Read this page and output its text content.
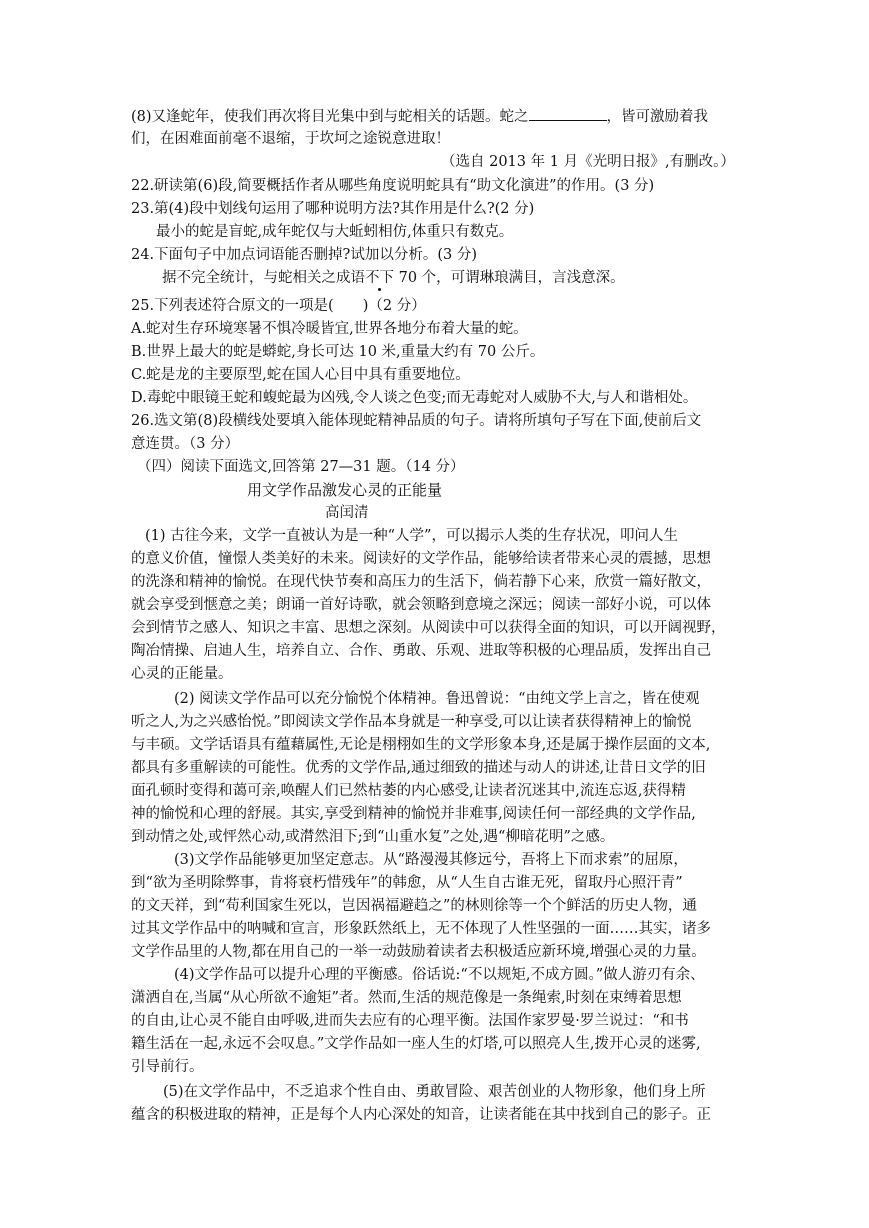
(8)又逢蛇年，使我们再次将目光集中到与蛇相关的话题。蛇之	，皆可激励着我
们，在困难面前毫不退缩，于坎坷之途锐意进取！
（选自 2013 年 1 月《光明日报》,有删改。）
22.研读第(6)段,简要概括作者从哪些角度说明蛇具有“助文化演进”的作用。(3 分)
23.第(4)段中划线句运用了哪种说明方法?其作用是什么?(2 分)
最小的蛇是盲蛇,成年蛇仅与大蚯蚓相仿,体重只有数克。
24.下面句子中加点词语能否删掉?试加以分析。(3 分)
据不完全统计，与蛇相关之成语不下 70 个，可谓琳琅满目，言浅意深。
25.下列表述符合原文的一项是(　　)（2 分）
A.蛇对生存环境寒暑不惧冷暖皆宜,世界各地分布着大量的蛇。
B.世界上最大的蛇是蟒蛇,身长可达 10 米,重量大约有 70 公斤。
C.蛇是龙的主要原型,蛇在国人心目中具有重要地位。
D.毒蛇中眼镜王蛇和蝮蛇最为凶残,令人谈之色变;而无毒蛇对人威胁不大,与人和谐相处。
26.选文第(8)段横线处要填入能体现蛇精神品质的句子。请将所填句子写在下面,使前后文
意连贯。（3 分）
（四）阅读下面选文,回答第 27—31 题。（14 分）
用文学作品激发心灵的正能量
高闰清
(1) 古往今来，文学一直被认为是一种“人学”，可以揭示人类的生存状况，叩问人生
的意义价值，憧憬人类美好的未来。阅读好的文学作品，能够给读者带来心灵的震撼，思想
的洗涤和精神的愉悦。在现代快节奏和高压力的生活下，倘若静下心来，欣赏一篇好散文，
就会享受到惬意之美；朗诵一首好诗歌，就会领略到意境之深远；阅读一部好小说，可以体
会到情节之感人、知识之丰富、思想之深刻。从阅读中可以获得全面的知识，可以开阔视野，
陶冶情操、启迪人生，培养自立、合作、勇敢、乐观、进取等积极的心理品质，发挥出自己
心灵的正能量。
(2) 阅读文学作品可以充分愉悦个体精神。鲁迅曾说：“由纯文学上言之，皆在使观
听之人,为之兴感怡悦。”即阅读文学作品本身就是一种享受,可以让读者获得精神上的愉悦
与丰硕。文学话语具有蕴藉属性,无论是栩栩如生的文学形象本身,还是属于操作层面的文本,
都具有多重解读的可能性。优秀的文学作品,通过细致的描述与动人的讲述,让昔日文学的旧
面孔顿时变得和蔼可亲,唤醒人们已然枯萎的内心感受,让读者沉迷其中,流连忘返,获得精
神的愉悦和心理的舒展。其实,享受到精神的愉悦并非难事,阅读任何一部经典的文学作品,
到动情之处,或怦然心动,或潸然泪下;到“山重水复”之处,遇“柳暗花明”之感。
(3)文学作品能够更加坚定意志。从“路漫漫其修远兮，吾将上下而求索”的屈原，
到“欲为圣明除弊事，肯将衰朽惜残年”的韩愈，从“人生自古谁无死，留取丹心照汗青”
的文天祥，到“苟利国家生死以，岂因祸福避趋之”的林则徐等一个个鲜活的历史人物，通
过其文学作品中的呐喊和宣言，形象跃然纸上，无不体现了人性坚强的一面……其实，诸多
文学作品里的人物,都在用自己的一举一动鼓励着读者去积极适应新环境,增强心灵的力量。
(4)文学作品可以提升心理的平衡感。俗话说:“不以规矩,不成方圆。”做人游刃有余、
潇洒自在,当属“从心所欲不逾矩”者。然而,生活的规范像是一条绳索,时刻在束缚着思想
的自由,让心灵不能自由呼吸,进而失去应有的心理平衡。法国作家罗曼·罗兰说过：“和书
籍生活在一起,永远不会叹息。”文学作品如一座人生的灯塔,可以照亮人生,拨开心灵的迷雾,
引导前行。
(5)在文学作品中，不乏追求个性自由、勇敢冒险、艰苦创业的人物形象，他们身上所
蕴含的积极进取的精神，正是每个人内心深处的知音，让读者能在其中找到自己的影子。正
